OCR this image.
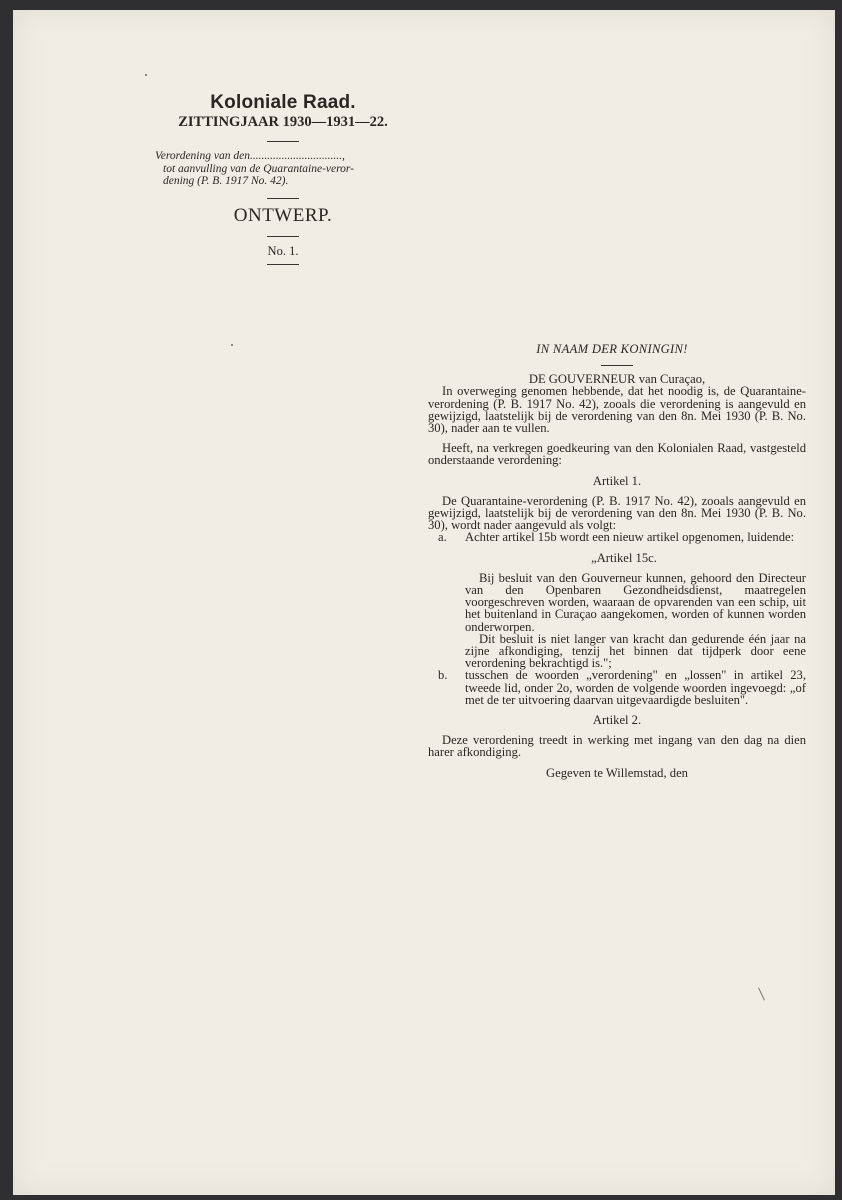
Koloniale Raad.
ZITTINGJAAR 1930—1931—22.
Verordening van den................................,
tot aanvulling van de Quarantaine-veror-
dening (P. B. 1917 No. 42).
ONTWERP.
No. 1.
IN NAAM DER KONINGIN!
DE GOUVERNEUR van Curaçao,
In overweging genomen hebbende, dat het noodig is, de Quarantaine-verordening (P. B. 1917 No. 42), zooals die verordening is aangevuld en gewijzigd, laatstelijk bij de verordening van den 8n. Mei 1930 (P. B. No. 30), nader aan te vullen.
Heeft, na verkregen goedkeuring van den Kolonialen Raad, vastgesteld onderstaande verordening:
Artikel 1.
De Quarantaine-verordening (P. B. 1917 No. 42), zooals aangevuld en gewijzigd, laatstelijk bij de verordening van den 8n. Mei 1930 (P. B. No. 30), wordt nader aangevuld als volgt:
a. Achter artikel 15b wordt een nieuw artikel opgenomen, luidende:
„Artikel 15c.
Bij besluit van den Gouverneur kunnen, gehoord den Directeur van den Openbaren Gezondheidsdienst, maatregelen voorgeschreven worden, waaraan de opvarenden van een schip, uit het buitenland in Curaçao aangekomen, worden of kunnen worden onderworpen.
Dit besluit is niet langer van kracht dan gedurende één jaar na zijne afkondiging, tenzij het binnen dat tijdperk door eene verordening bekrachtigd is.";
b. tusschen de woorden „verordening" en „lossen" in artikel 23, tweede lid, onder 2o, worden de volgende woorden ingevoegd: „of met de ter uitvoering daarvan uitgevaardigde besluiten".
Artikel 2.
Deze verordening treedt in werking met ingang van den dag na dien harer afkondiging.
Gegeven te Willemstad, den
